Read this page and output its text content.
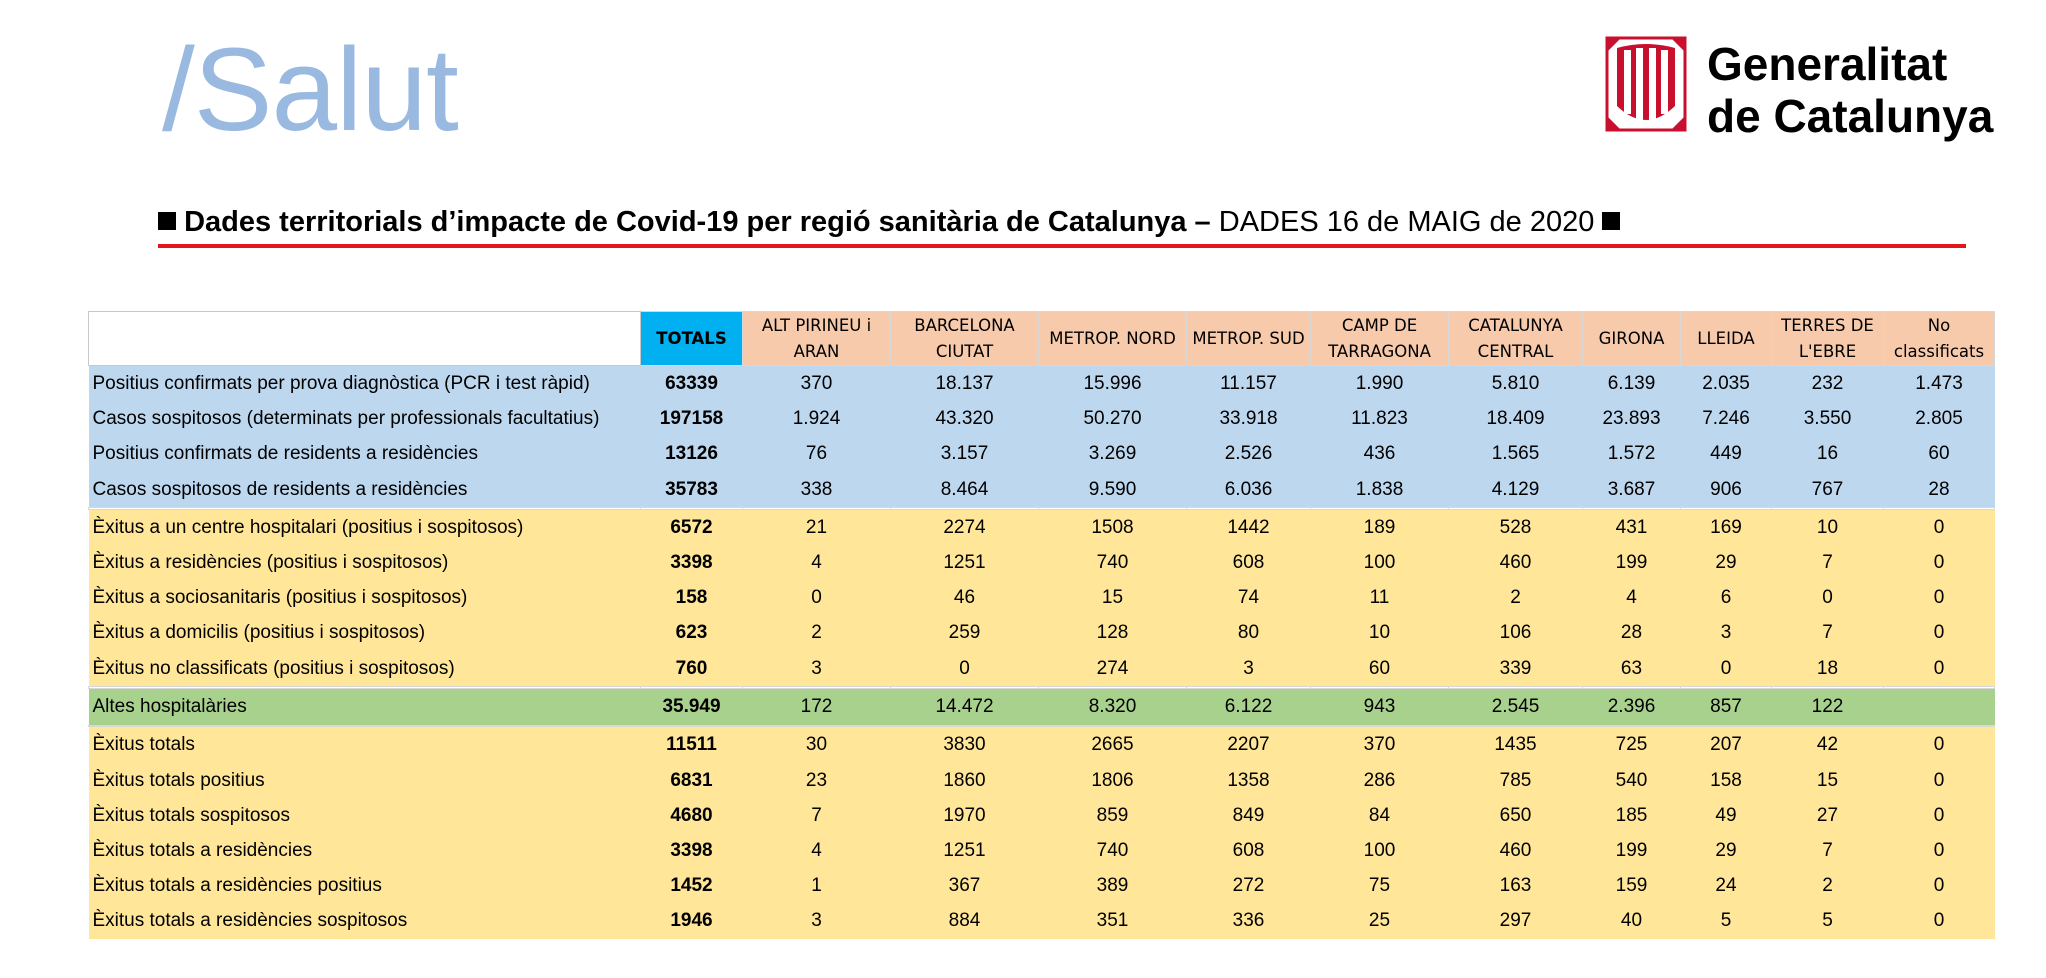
/Salut	Generalitat
de Catalunya
Dades territorials d’impacte de Covid-19 per regió sanitària de Catalunya – DADES 16 de MAIG de 2020
	TOTALS	ALT PIRINEU i ARAN	BARCELONA CIUTAT	METROP. NORD	METROP. SUD	CAMP DE TARRAGONA	CATALUNYA CENTRAL	GIRONA	LLEIDA	TERRES DE L'EBRE	No classificats
Positius confirmats per prova diagnòstica (PCR i test ràpid)	63339	370	18.137	15.996	11.157	1.990	5.810	6.139	2.035	232	1.473
Casos sospitosos (determinats per professionals facultatius)	197158	1.924	43.320	50.270	33.918	11.823	18.409	23.893	7.246	3.550	2.805
Positius confirmats de residents a residències	13126	76	3.157	3.269	2.526	436	1.565	1.572	449	16	60
Casos sospitosos de residents a residències	35783	338	8.464	9.590	6.036	1.838	4.129	3.687	906	767	28

Èxitus a un centre hospitalari (positius i sospitosos)	6572	21	2274	1508	1442	189	528	431	169	10	0
Èxitus a residències (positius i sospitosos)	3398	4	1251	740	608	100	460	199	29	7	0
Èxitus a sociosanitaris (positius i sospitosos)	158	0	46	15	74	11	2	4	6	0	0
Èxitus a domicilis (positius i sospitosos)	623	2	259	128	80	10	106	28	3	7	0
Èxitus no classificats (positius i sospitosos)	760	3	0	274	3	60	339	63	0	18	0

Altes hospitalàries	35.949	172	14.472	8.320	6.122	943	2.545	2.396	857	122	

Èxitus totals	11511	30	3830	2665	2207	370	1435	725	207	42	0
Èxitus totals positius	6831	23	1860	1806	1358	286	785	540	158	15	0
Èxitus totals sospitosos	4680	7	1970	859	849	84	650	185	49	27	0

Èxitus totals a residències	3398	4	1251	740	608	100	460	199	29	7	0
Èxitus totals a residències positius	1452	1	367	389	272	75	163	159	24	2	0
Èxitus totals a residències sospitosos	1946	3	884	351	336	25	297	40	5	5	0
